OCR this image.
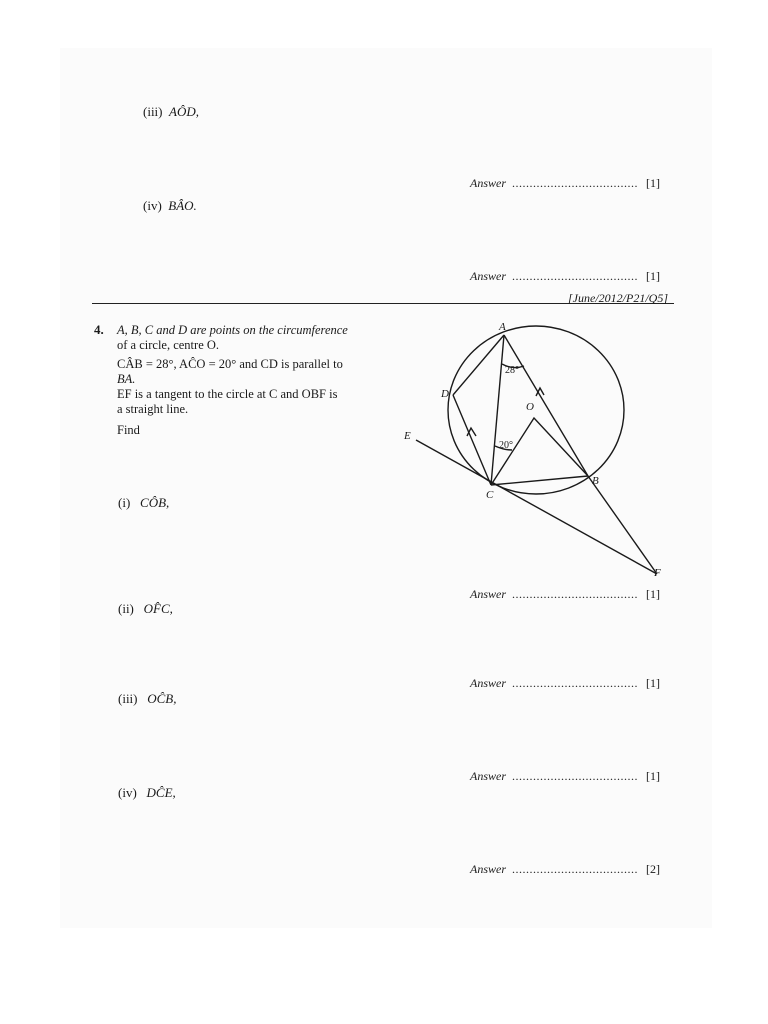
(iii) AÔD,
Answer .................................... [1]
(iv) BÂO.
Answer .................................... [1]
[June/2012/P21/Q5]
4. A, B, C and D are points on the circumference
of a circle, centre O.
CÂB = 28°, AĈO = 20° and CD is parallel to
BA.
EF is a tangent to the circle at C and OBF is
a straight line.
Find
A
B
C
D
E
F
O
28°
20°
(i) CÔB,
Answer .................................... [1]
(ii) OF̂C,
Answer .................................... [1]
(iii) OĈB,
Answer .................................... [1]
(iv) DĈE,
Answer .................................... [2]
